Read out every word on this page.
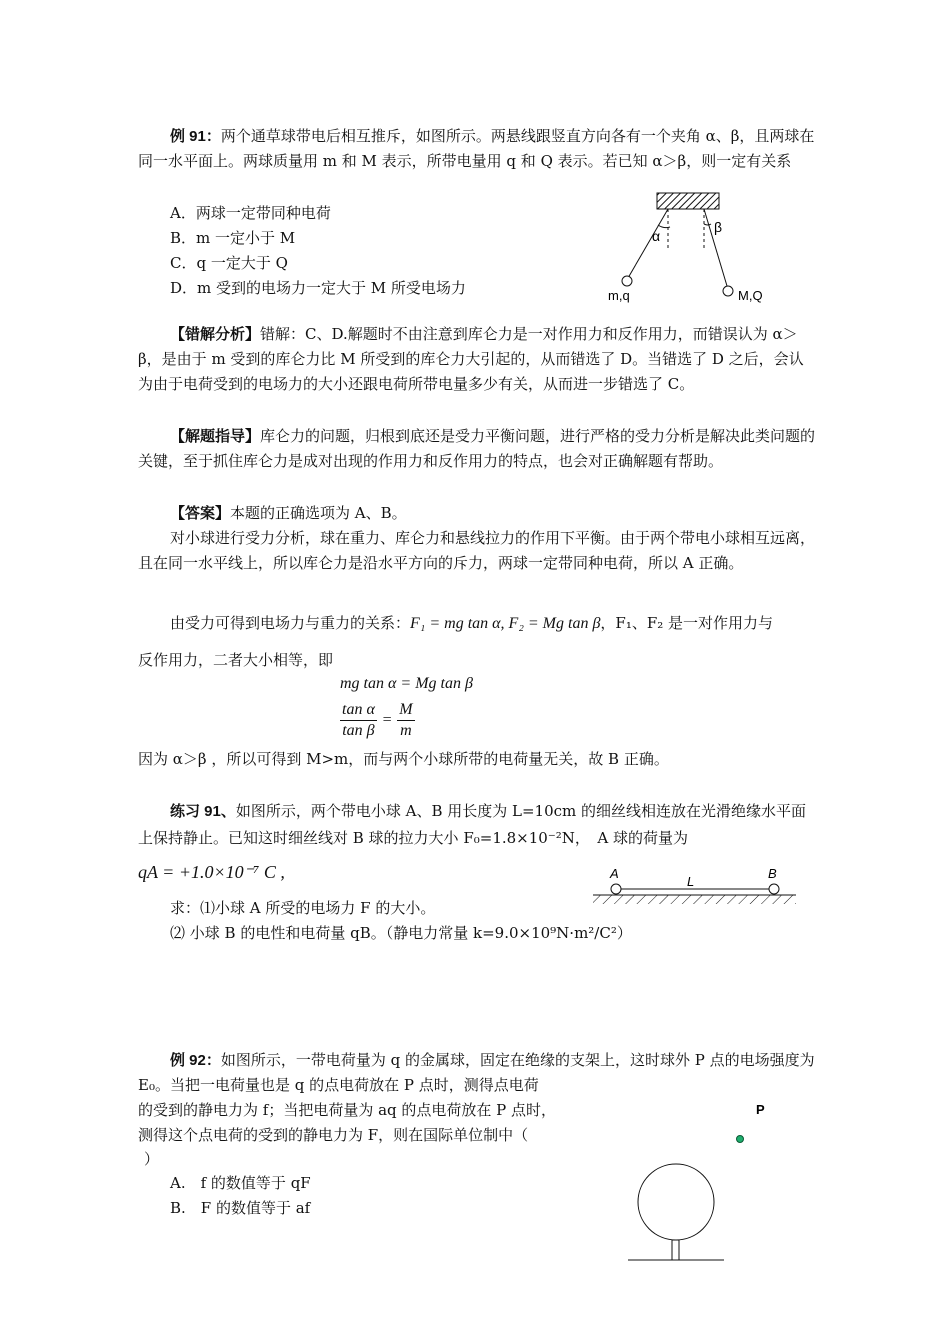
例 91：两个通草球带电后相互推斥，如图所示。两悬线跟竖直方向各有一个夹角 α、β，且两球在同一水平面上。两球质量用 m 和 M 表示，所带电量用 q 和 Q 表示。若已知 α＞β，则一定有关系
A．两球一定带同种电荷
B．m 一定小于 M
C．q 一定大于 Q
D．m 受到的电场力一定大于 M 所受电场力
α
β
m,q	M,Q
【错解分析】错解：C、D.解题时不由注意到库仑力是一对作用力和反作用力，而错误认为 α＞β，是由于 m 受到的库仑力比 M 所受到的库仑力大引起的，从而错选了 D。当错选了 D 之后，会认为由于电荷受到的电场力的大小还跟电荷所带电量多少有关，从而进一步错选了 C。
【解题指导】库仑力的问题，归根到底还是受力平衡问题，进行严格的受力分析是解决此类问题的关键，至于抓住库仑力是成对出现的作用力和反作用力的特点，也会对正确解题有帮助。
【答案】本题的正确选项为 A、B。
对小球进行受力分析，球在重力、库仑力和悬线拉力的作用下平衡。由于两个带电小球相互远离，且在同一水平线上，所以库仑力是沿水平方向的斥力，两球一定带同种电荷，所以 A 正确。
由受力可得到电场力与重力的关系：F₁ = mg tan α, F₂ = Mg tan β，F₁、F₂ 是一对作用力与
反作用力，二者大小相等，即
mg tan α = Mg tan β
$\frac{\text{tan α}}{\text{tan β}} = \frac{M}{m}$
因为 α＞β ，所以可得到 M>m，而与两个小球所带的电荷量无关，故 B 正确。
练习 91、如图所示，两个带电小球 A、B 用长度为 L=10cm 的细丝线相连放在光滑绝缘水平面上保持静止。已知这时细丝线对 B 球的拉力大小 F₀=1.8×10⁻²N，　A 球的荷量为
qA = +1.0×10⁻⁷ C ,
求：⑴小球 A 所受的电场力 F 的大小。
⑵ 小球 B 的电性和电荷量 qB。（静电力常量 k=9.0×10⁹N·m²/C²）
A	B
L
例 92：如图所示，一带电荷量为 q 的金属球，固定在绝缘的支架上，这时球外 P 点的电场强度为 E₀。当把一电荷量也是 q 的点电荷放在 P 点时，测得点电荷
的受到的静电力为 f；当把电荷量为 aq 的点电荷放在 P 点时，
测得这个点电荷的受到的静电力为 F，则在国际单位制中（
）
A.　f 的数值等于 qF
B.　F 的数值等于 af
P
